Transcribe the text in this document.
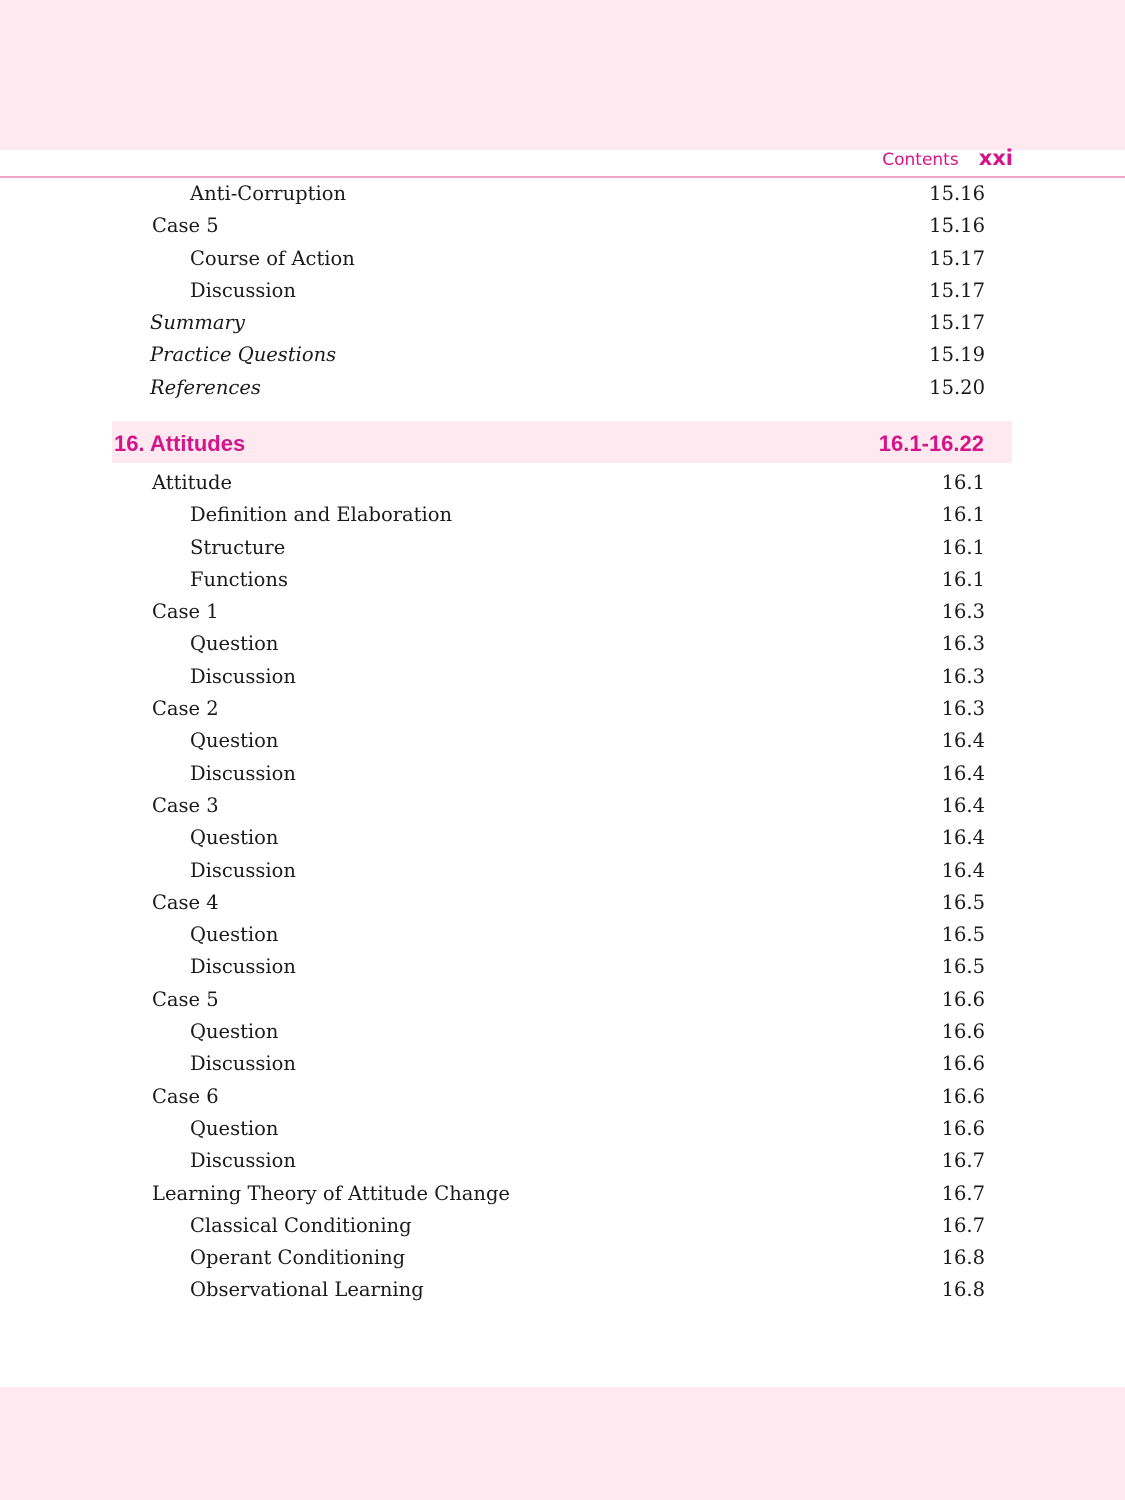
Contents xxi
Anti-Corruption	15.16
Case 5	15.16
Course of Action	15.17
Discussion	15.17
Summary	15.17
Practice Questions	15.19
References	15.20
16. Attitudes	16.1-16.22
Attitude	16.1
Definition and Elaboration	16.1
Structure	16.1
Functions	16.1
Case 1	16.3
Question	16.3
Discussion	16.3
Case 2	16.3
Question	16.4
Discussion	16.4
Case 3	16.4
Question	16.4
Discussion	16.4
Case 4	16.5
Question	16.5
Discussion	16.5
Case 5	16.6
Question	16.6
Discussion	16.6
Case 6	16.6
Question	16.6
Discussion	16.7
Learning Theory of Attitude Change	16.7
Classical Conditioning	16.7
Operant Conditioning	16.8
Observational Learning	16.8
